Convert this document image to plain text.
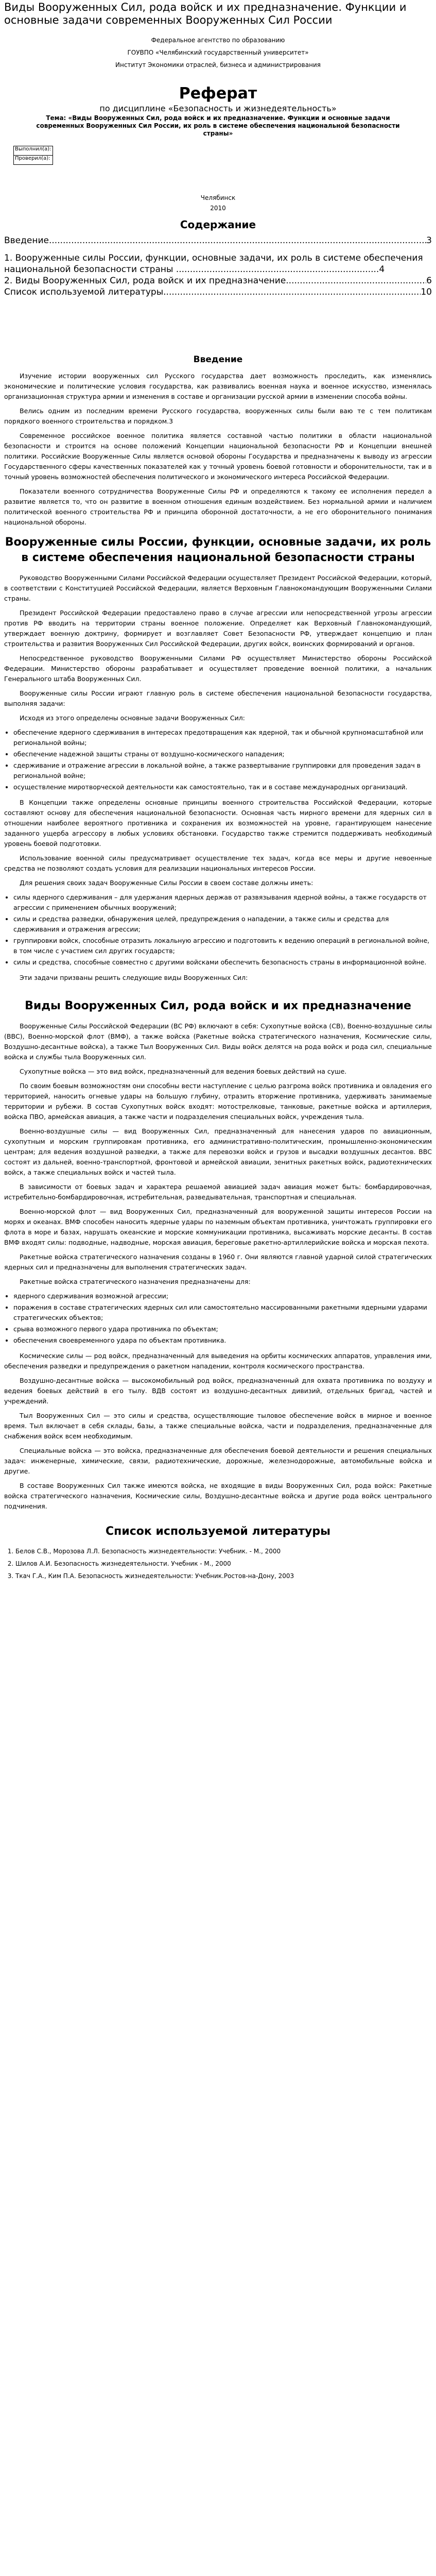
Виды Вооруженных Сил, рода войск и их предназначение. Функции и основные задачи современных Вооруженных Сил России
Федеральное агентство по образованию
ГОУВПО «Челябинский государственный университет»
Институт Экономики отраслей, бизнеса и администрирования
Реферат
по дисциплине «Безопасность и жизнедеятельность»
Тема: «Виды Вооруженных Сил, рода войск и их предназначение. Функции и основные задачи современных Вооруженных Сил России, их роль в системе обеспечения национальной безопасности страны»
Выполнил(а):
Проверил(а):
Челябинск
2010
Содержание
Введение .....	3
1. Вооруженные силы России, функции, основные задачи, их роль в системе обеспечения национальной безопасности страны .........................................................................4
2. Виды Вооруженных Сил, рода войск и их предназначение .....	6
Список используемой литературы .....	10
Введение

Изучение истории вооруженных сил Русского государства дает возможность проследить, как изменялись экономические и политические условия государства, как развивались военная наука и военное искусство, изменялась организационная структура армии и изменения в составе и организации русской армии в изменении способа войны.

Велись одним из последним времени Русского государства, вооруженных силы были ваю те с тем политикам порядкого военного строительства и порядком.3

Современное российское военное политика является составной частью политики в области национальной безопасности и строится на основе положений Концепции национальной безопасности РФ и Концепции внешней политики. Российские Вооруженные Силы является основой обороны Государства и предназначены к выводу из агрессии Государственного сферы качественных показателей как у точный уровень боевой готовности и оборонительности, так и в точный уровень возможностей обеспечения политического и экономического интереса Российской Федерации.

Показатели военного сотрудничества Вооруженные Силы РФ и определяются к такому ее исполнения передел а развитие является то, что он развитие в военном отношения единым воздействием. Без нормальной армии и наличием политической военного строительства РФ и принципа оборонной достаточности, а не его оборонительного понимания национальной обороны.

Вооруженные силы России, функции, основные задачи, их роль в системе обеспечения национальной безопасности страны

Руководство Вооруженными Силами Российской Федерации осуществляет Президент Российской Федерации, который, в соответствии с Конституцией Российской Федерации, является Верховным Главнокомандующим Вооруженными Силами страны.

Президент Российской Федерации предоставлено право в случае агрессии или непосредственной угрозы агрессии против РФ вводить на территории страны военное положение. Определяет как Верховный Главнокомандующий, утверждает военную доктрину, формирует и возглавляет Совет Безопасности РФ, утверждает концепцию и план строительства и развития Вооруженных Сил Российской Федерации, других войск, воинских формирований и органов.

Непосредственное руководство Вооруженными Силами РФ осуществляет Министерство обороны Российской Федерации. Министерство обороны разрабатывает и осуществляет проведение военной политики, а начальник Генерального штаба Вооруженных Сил.

Вооруженные силы России играют главную роль в системе обеспечения национальной безопасности государства, выполняя задачи:

Исходя из этого определены основные задачи Вооруженных Сил:

• обеспечение ядерного сдерживания в интересах предотвращения как ядерной, так и обычной крупномасштабной или региональной войны;
• обеспечение надежной защиты страны от воздушно-космического нападения;
• сдерживание и отражение агрессии в локальной войне, а также развертывание группировки для проведения задач в региональной войне;
• осуществление миротворческой деятельности как самостоятельно, так и в составе международных организаций.

В Концепции также определены основные принципы военного строительства Российской Федерации, которые составляют основу для обеспечения национальной безопасности. Основная часть мирного времени для ядерных сил в отношении наиболее вероятного противника и сохранения их возможностей на уровне, гарантирующем нанесение заданного ущерба агрессору в любых условиях обстановки. Государство также стремится поддерживать необходимый уровень боевой подготовки.

Использование военной силы предусматривает осуществление тех задач, когда все меры и другие невоенные средства не позволяют создать условия для реализации национальных интересов России.

Для решения своих задач Вооруженные Силы России в своем составе должны иметь:

• силы ядерного сдерживания – для удержания ядерных держав от развязывания ядерной войны, а также государств от агрессии с применением обычных вооружений;
• силы и средства разведки, обнаружения целей, предупреждения о нападении, а также силы и средства для сдерживания и отражения агрессии;
• группировки войск, способные отразить локальную агрессию и подготовить к ведению операций в региональной войне, в том числе с участием сил других государств;
• силы и средства, способные совместно с другими войсками обеспечить безопасность страны в информационной войне.

Эти задачи призваны решить следующие виды Вооруженных Сил:

Виды Вооруженных Сил, рода войск и их предназначение

Вооруженные Силы Российской Федерации (ВС РФ) включают в себя: Сухопутные войска (СВ), Военно-воздушные силы (ВВС), Военно-морской флот (ВМФ), а также войска (Ракетные войска стратегического назначения, Космические силы, Воздушно-десантные войска), а также Тыл Вооруженных Сил. Виды войск делятся на рода войск и рода сил, специальные войска и службы тыла Вооруженных сил.

Сухопутные войска — это вид войск, предназначенный для ведения боевых действий на суше.

По своим боевым возможностям они способны вести наступление с целью разгрома войск противника и овладения его территорией, наносить огневые удары на большую глубину, отразить вторжение противника, удерживать занимаемые территории и рубежи. В состав Сухопутных войск входят: мотострелковые, танковые, ракетные войска и артиллерия, войска ПВО, армейская авиация, а также части и подразделения специальных войск, учреждения тыла.

Военно-воздушные силы — вид Вооруженных Сил, предназначенный для нанесения ударов по авиационным, сухопутным и морским группировкам противника, его административно-политическим, промышленно-экономическим центрам; для ведения воздушной разведки, а также для перевозки войск и грузов и высадки воздушных десантов. ВВС состоят из дальней, военно-транспортной, фронтовой и армейской авиации, зенитных ракетных войск, радиотехнических войск, а также специальных войск и частей тыла.

В зависимости от боевых задач и характера решаемой авиацией задач авиация может быть: бомбардировочная, истребительно-бомбардировочная, истребительная, разведывательная, транспортная и специальная.

Военно-морской флот — вид Вооруженных Сил, предназначенный для вооруженной защиты интересов России на морях и океанах. ВМФ способен наносить ядерные удары по наземным объектам противника, уничтожать группировки его флота в море и базах, нарушать океанские и морские коммуникации противника, высаживать морские десанты. В состав ВМФ входят силы: подводные, надводные, морская авиация, береговые ракетно-артиллерийские войска и морская пехота.

Ракетные войска стратегического назначения созданы в 1960 г. Они являются главной ударной силой стратегических ядерных сил и предназначены для выполнения стратегических задач.

Ракетные войска стратегического назначения предназначены для:

• ядерного сдерживания возможной агрессии;
• поражения в составе стратегических ядерных сил или самостоятельно массированными ракетными ядерными ударами стратегических объектов;
• срыва возможного первого удара противника по объектам;
• обеспечения своевременного удара по объектам противника.

Космические силы — род войск, предназначенный для выведения на орбиты космических аппаратов, управления ими, обеспечения разведки и предупреждения о ракетном нападении, контроля космического пространства.

Воздушно-десантные войска — высокомобильный род войск, предназначенный для охвата противника по воздуху и ведения боевых действий в его тылу. ВДВ состоят из воздушно-десантных дивизий, отдельных бригад, частей и учреждений.

Тыл Вооруженных Сил — это силы и средства, осуществляющие тыловое обеспечение войск в мирное и военное время. Тыл включает в себя склады, базы, а также специальные войска, части и подразделения, предназначенные для снабжения войск всем необходимым.

Специальные войска — это войска, предназначенные для обеспечения боевой деятельности и решения специальных задач: инженерные, химические, связи, радиотехнические, дорожные, железнодорожные, автомобильные войска и другие.

В составе Вооруженных Сил также имеются войска, не входящие в виды Вооруженных Сил, рода войск: Ракетные войска стратегического назначения, Космические силы, Воздушно-десантные войска и другие рода войск центрального подчинения.

Список используемой литературы
1. Белов С.В., Морозова Л.Л. Безопасность жизнедеятельности: Учебник. - М., 2000
2. Шилов А.И. Безопасность жизнедеятельности. Учебник - М., 2000
3. Ткач Г.А., Ким П.А. Безопасность жизнедеятельности: Учебник.Ростов-на-Дону, 2003
